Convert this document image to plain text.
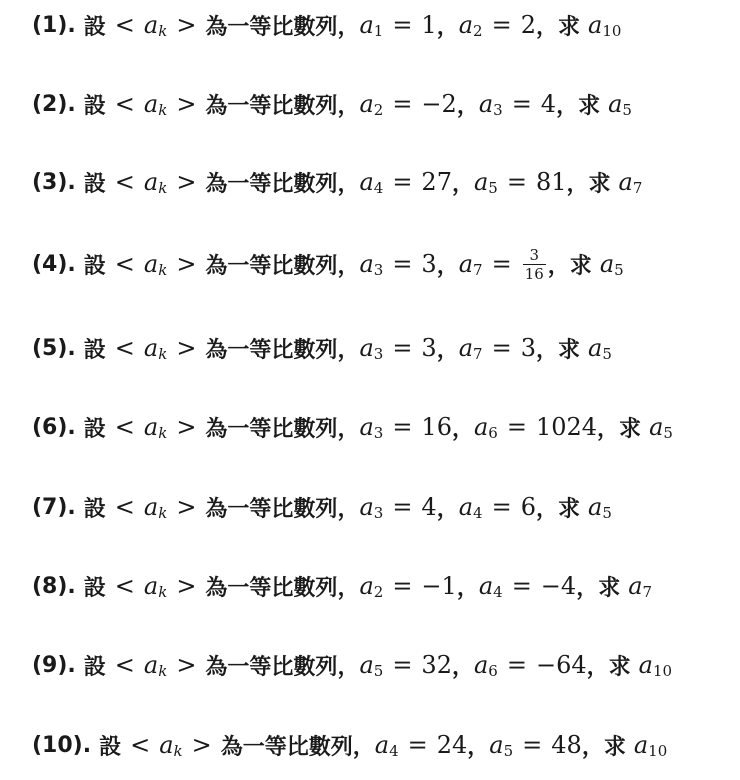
(1). 設 < a k > 為一等比數列 ， a 1 = 1 ， a 2 = 2 ， 求 a 10
(2). 設 < a k > 為一等比數列 ， a 2 = −2 ， a 3 = 4 ， 求 a 5
(3). 設 < a k > 為一等比數列 ， a 4 = 27 ， a 5 = 81 ， 求 a 7
(4). 設 < a k > 為一等比數列 ， a 3 = 3 ， a $7 = \frac{3}{16}$ ， 求 a 5
(5). 設 < a k > 為一等比數列 ， a 3 = 3 ， a 7 = 3 ， 求 a 5
(6). 設 < a k > 為一等比數列 ， a 3 = 16 ， a 6 = 1024 ， 求 a 5
(7). 設 < a k > 為一等比數列 ， a 3 = 4 ， a 4 = 6 ， 求 a 5
(8). 設 < a k > 為一等比數列 ， a 2 = −1 ， a 4 = −4 ， 求 a 7
(9). 設 < a k > 為一等比數列 ， a 5 = 32 ， a 6 = −64 ， 求 a 10
(10). 設 < a k > 為一等比數列 ， a 4 = 24 ， a 5 = 48 ， 求 a 10
